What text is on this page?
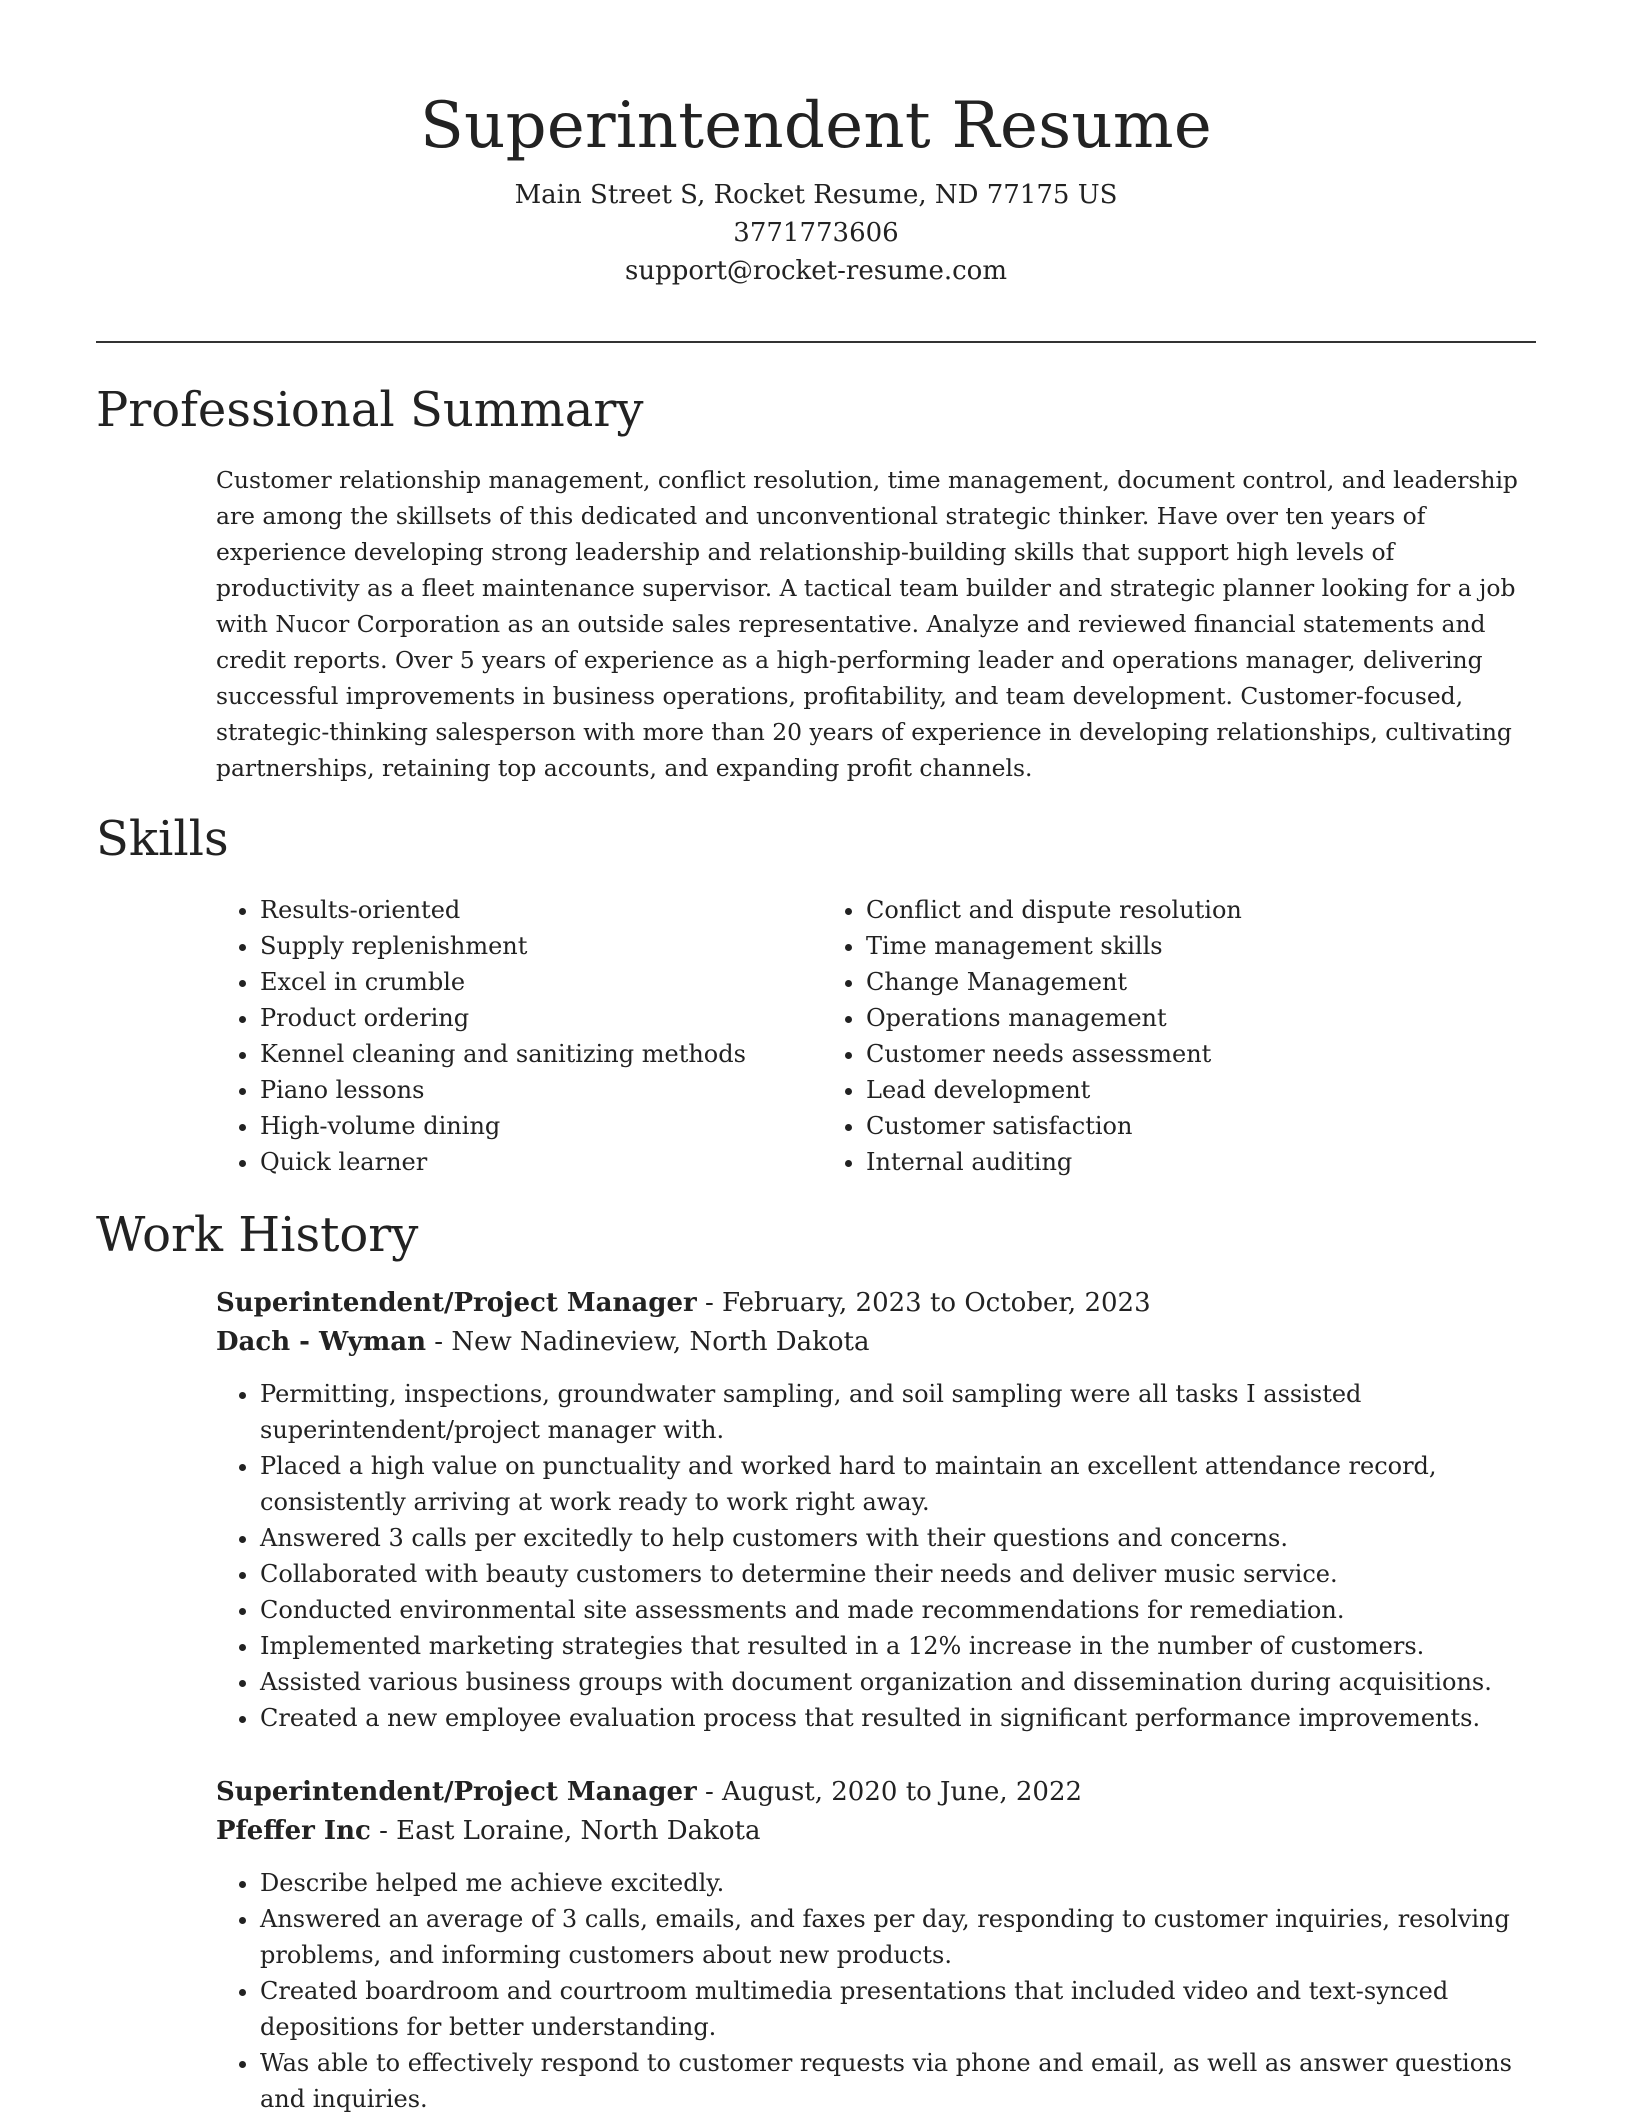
Superintendent Resume

Main Street S, Rocket Resume, ND 77175 US

3771773606

support@rocket-resume.com

Professional Summary

Customer relationship management, conflict resolution, time management, document control, and leadership are among the skillsets of this dedicated and unconventional strategic thinker. Have over ten years of experience developing strong leadership and relationship-building skills that support high levels of productivity as a fleet maintenance supervisor. A tactical team builder and strategic planner looking for a job with Nucor Corporation as an outside sales representative. Analyze and reviewed financial statements and credit reports. Over 5 years of experience as a high-performing leader and operations manager, delivering successful improvements in business operations, profitability, and team development. Customer-focused, strategic-thinking salesperson with more than 20 years of experience in developing relationships, cultivating partnerships, retaining top accounts, and expanding profit channels.

Skills
• Results-oriented
• Supply replenishment
• Excel in crumble
• Product ordering
• Kennel cleaning and sanitizing methods
• Piano lessons
• High-volume dining
• Quick learner
• Conflict and dispute resolution
• Time management skills
• Change Management
• Operations management
• Customer needs assessment
• Lead development
• Customer satisfaction
• Internal auditing
Work History

Superintendent/Project Manager - February, 2023 to October, 2023

Dach - Wyman - New Nadineview, North Dakota

• Permitting, inspections, groundwater sampling, and soil sampling were all tasks I assisted superintendent/project manager with.
• Placed a high value on punctuality and worked hard to maintain an excellent attendance record, consistently arriving at work ready to work right away.
• Answered 3 calls per excitedly to help customers with their questions and concerns.
• Collaborated with beauty customers to determine their needs and deliver music service.
• Conducted environmental site assessments and made recommendations for remediation.
• Implemented marketing strategies that resulted in a 12% increase in the number of customers.
• Assisted various business groups with document organization and dissemination during acquisitions.
• Created a new employee evaluation process that resulted in significant performance improvements.

Superintendent/Project Manager - August, 2020 to June, 2022

Pfeffer Inc - East Loraine, North Dakota

• Describe helped me achieve excitedly.
• Answered an average of 3 calls, emails, and faxes per day, responding to customer inquiries, resolving problems, and informing customers about new products.
• Created boardroom and courtroom multimedia presentations that included video and text-synced depositions for better understanding.
• Was able to effectively respond to customer requests via phone and email, as well as answer questions and inquiries.
